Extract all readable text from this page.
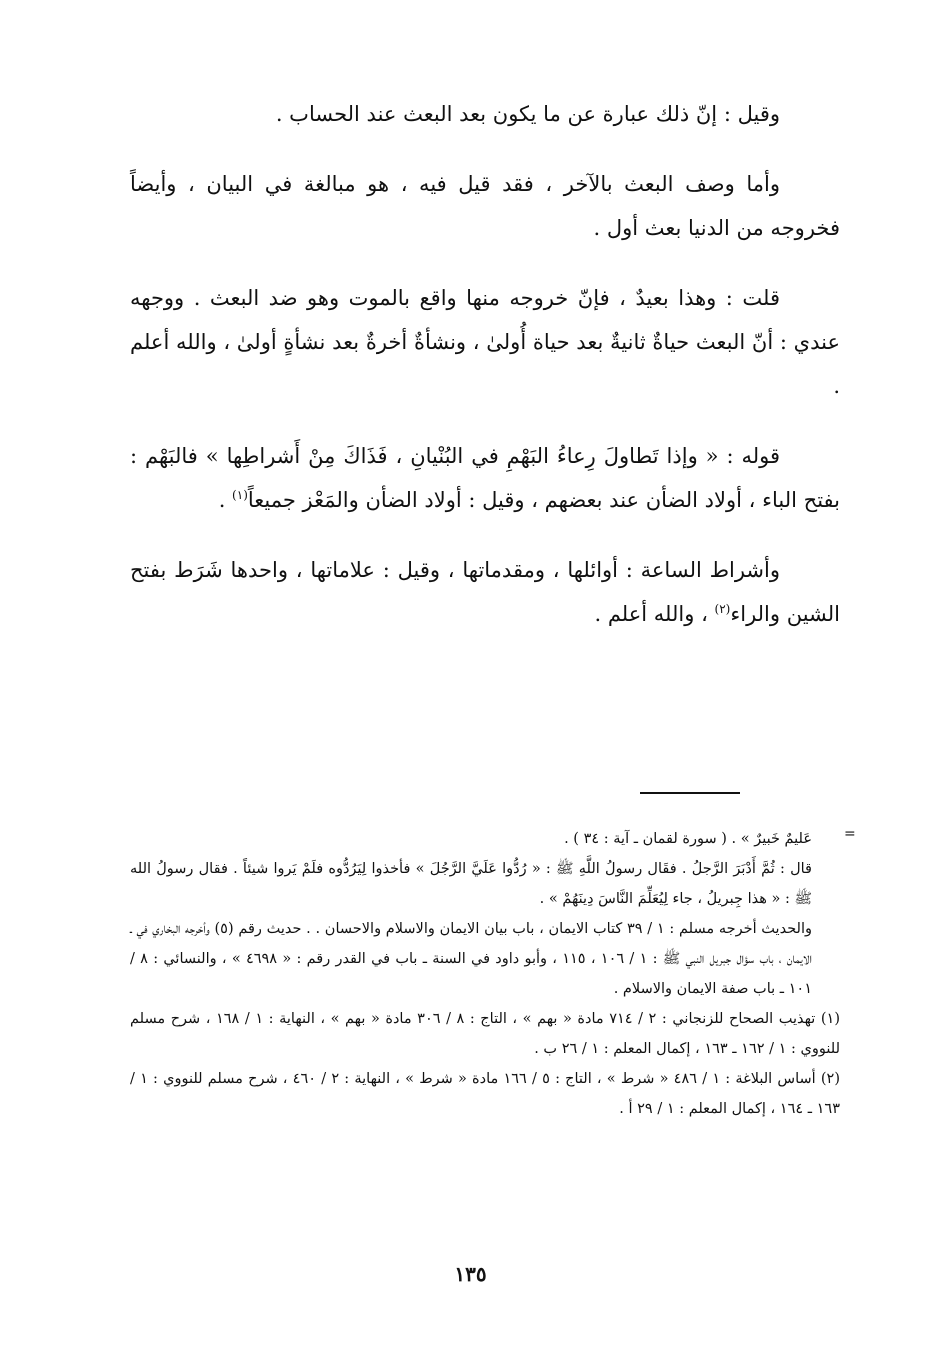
وقيل : إنّ ذلك عبارة عن ما يكون بعد البعث عند الحساب .

وأما وصف البعث بالآخر ، فقد قيل فيه ، هو مبالغة في البيان ، وأيضاً فخروجه من الدنيا بعث أول .

قلت : وهذا بعيدٌ ، فإنّ خروجه منها واقع بالموت وهو ضد البعث . ووجهه عندي : أنّ البعث حياةٌ ثانيةٌ بعد حياة أُولىٰ ، ونشأةٌ أخرةٌ بعد نشأةٍ أولىٰ ، والله أعلم .

قوله : « وإذا تَطاولَ رِعاءُ البَهْمِ في البُنْيانِ ، فَذَاكَ مِنْ أَشراطِها » فالبَهْم : بفتح الباء ، أولاد الضأن عند بعضهم ، وقيل : أولاد الضأن والمَعْز جميعاً$^{(١)}$ .

وأشراط الساعة : أوائلها ، ومقدماتها ، وقيل : علاماتها ، واحدها شَرَط بفتح الشين والراء$^{(٢)}$ ، والله أعلم .

=

عَليمٌ خَبيرٌ » . ( سورة لقمان ـ آية : ٣٤ ) .

قال : ثُمَّ أَدْبَرَ الرَّجلُ . فقَال رسولُ اللَّهِ ﷺ : « رُدُّوا عَلَيَّ الرَّجُلَ » فأخذوا لِيَرُدُّوه فلَمْ يَروا شيئاً . فقال رسولُ الله ﷺ : « هذا جِبريلُ ، جاء لِيُعَلِّمَ النَّاسَ دِينَهُمْ » .

والحديث أخرجه مسلم : ١ / ٣٩ كتاب الايمان ، باب بيان الايمان والاسلام والاحسان . . حديث رقم (٥) وأخرجه البخاري في ـ الايمان ، باب سؤال جبريل النبي ﷺ : ١ / ١٠٦ ، ١١٥ ، وأبو داود في السنة ـ باب في القدر رقم : « ٤٦٩٨ » ، والنسائي : ٨ / ١٠١ ـ باب صفة الايمان والاسلام .

(١) تهذيب الصحاح للزنجاني : ٢ / ٧١٤ مادة « بهم » ، التاج : ٨ / ٣٠٦ مادة « بهم » ، النهاية : ١ / ١٦٨ ، شرح مسلم للنووي : ١ / ١٦٢ ـ ١٦٣ ، إكمال المعلم : ١ / ٢٦ ب .

(٢) أساس البلاغة : ١ / ٤٨٦ « شرط » ، التاج : ٥ / ١٦٦ مادة « شرط » ، النهاية : ٢ / ٤٦٠ ، شرح مسلم للنووي : ١ / ١٦٣ ـ ١٦٤ ، إكمال المعلم : ١ / ٢٩ أ .

١٣٥
